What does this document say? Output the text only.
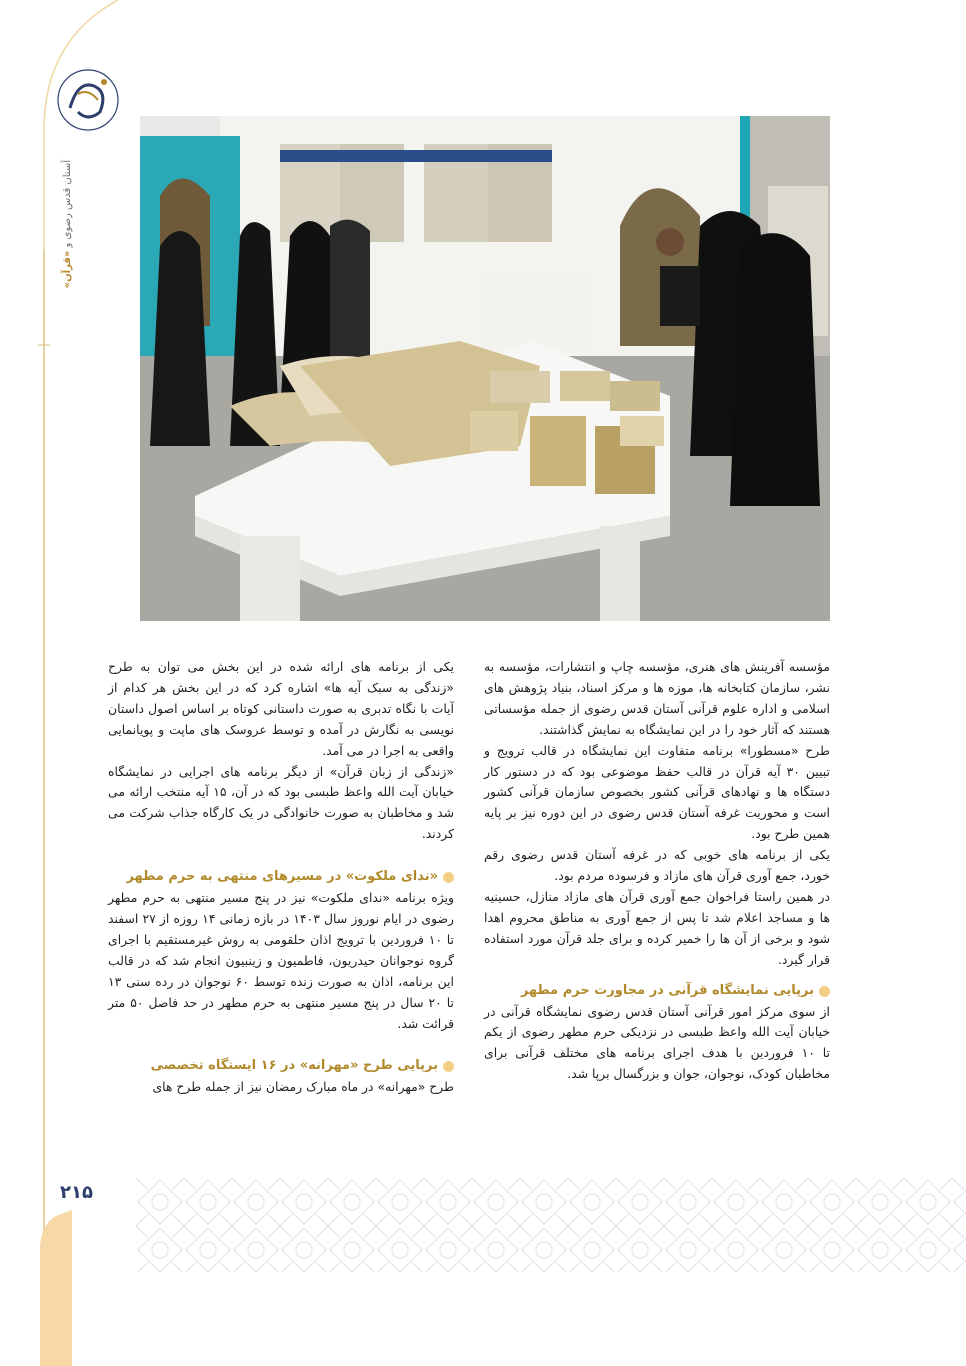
آستان قدس رضوی و «قرآن»

مؤسسه آفرینش های هنری، مؤسسه چاپ و انتشارات، مؤسسه به نشر، سازمان کتابخانه ها، موزه ها و مرکز اسناد، بنیاد پژوهش های اسلامی و اداره علوم قرآنی آستان قدس رضوی از جمله مؤسساتی هستند که آثار خود را در این نمایشگاه به نمایش گذاشتند.

طرح «مسطورا» برنامه متفاوت این نمایشگاه در قالب ترویج و تبیین ۳۰ آیه قرآن در قالب حفظ موضوعی بود که در دستور کار دستگاه ها و نهادهای قرآنی کشور بخصوص سازمان قرآنی کشور است و محوریت غرفه آستان قدس رضوی در این دوره نیز بر پایه همین طرح بود.

یکی از برنامه های خوبی که در غرفه آستان قدس رضوی رقم خورد، جمع آوری قرآن های مازاد و فرسوده مردم بود.

در همین راستا فراخوان جمع آوری قرآن های مازاد منازل، حسینیه ها و مساجد اعلام شد تا پس از جمع آوری به مناطق محروم اهدا شود و برخی از آن ها را خمیر کرده و برای جلد قرآن مورد استفاده قرار گیرد.

برپایی نمایشگاه قرآنی در مجاورت حرم مطهر

از سوی مرکز امور قرآنی آستان قدس رضوی نمایشگاه قرآنی در خیابان آیت الله واعظ طبسی در نزدیکی حرم مطهر رضوی از یکم تا ۱۰ فروردین با هدف اجرای برنامه های مختلف قرآنی برای مخاطبان کودک، نوجوان، جوان و بزرگسال برپا شد.

یکی از برنامه های ارائه شده در این بخش می توان به طرح «زندگی به سبک آیه ها» اشاره کرد که در این بخش هر کدام از آیات با نگاه تدبری به صورت داستانی کوتاه بر اساس اصول داستان نویسی به نگارش در آمده و توسط عروسک های ماپت و پویانمایی واقعی به اجرا در می آمد.

«زندگی از زبان قرآن» از دیگر برنامه های اجرایی در نمایشگاه خیابان آیت الله واعظ طبسی بود که در آن، ۱۵ آیه منتخب ارائه می شد و مخاطبان به صورت خانوادگی در یک کارگاه جذاب شرکت می کردند.

«ندای ملکوت» در مسیرهای منتهی به حرم مطهر

ویژه برنامه «ندای ملکوت» نیز در پنج مسیر منتهی به حرم مطهر رضوی در ایام نوروز سال ۱۴۰۳ در بازه زمانی ۱۴ روزه از ۲۷ اسفند تا ۱۰ فروردین با ترویج اذان حلقومی به روش غیرمستقیم با اجرای گروه نوجوانان حیدریون، فاطمیون و زینبیون انجام شد که در قالب این برنامه، اذان به صورت زنده توسط ۶۰ نوجوان در رده سنی ۱۳ تا ۲۰ سال در پنج مسیر منتهی به حرم مطهر در حد فاصل ۵۰ متر قرائت شد.

برپایی طرح «مهرانه» در ۱۶ ایستگاه تخصصی

طرح «مهرانه» در ماه مبارک رمضان نیز از جمله طرح های

۲۱۵
